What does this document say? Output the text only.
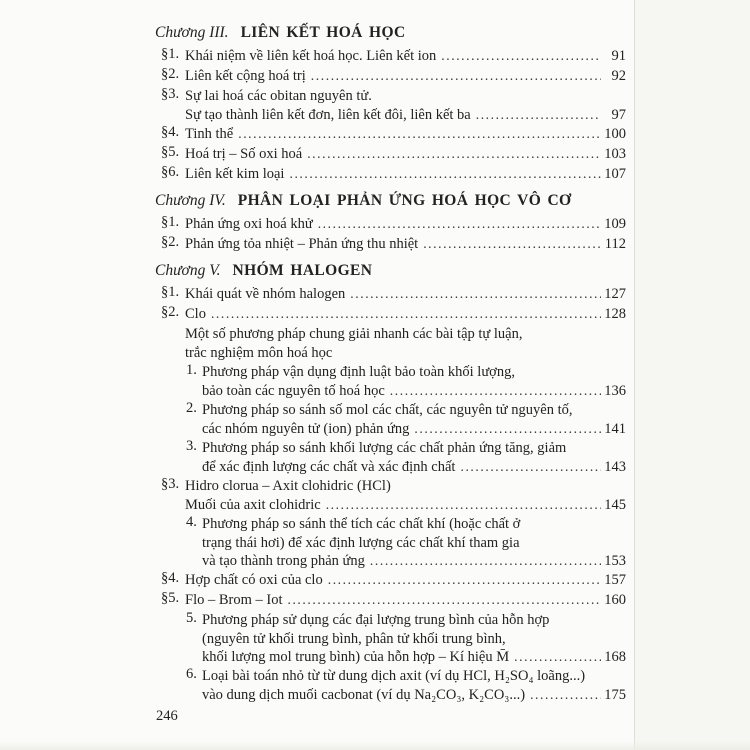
Chương III. LIÊN KẾT HOÁ HỌC
§1. Khái niệm về liên kết hoá học. Liên kết ion .....	91
§2. Liên kết cộng hoá trị .....	92
§3. Sự lai hoá các obitan nguyên tử.
Sự tạo thành liên kết đơn, liên kết đôi, liên kết ba .....	97
§4. Tinh thể .....	100
§5. Hoá trị – Số oxi hoá .....	103
§6. Liên kết kim loại .....	107
Chương IV. PHÂN LOẠI PHẢN ỨNG HOÁ HỌC VÔ CƠ
§1. Phản ứng oxi hoá khử .....	109
§2. Phản ứng tỏa nhiệt – Phản ứng thu nhiệt .....	112
Chương V. NHÓM HALOGEN
§1. Khái quát về nhóm halogen .....	127
§2. Clo .....	128
Một số phương pháp chung giải nhanh các bài tập tự luận,
trắc nghiệm môn hoá học
1. Phương pháp vận dụng định luật bảo toàn khối lượng,
bảo toàn các nguyên tố hoá học .....	136
2. Phương pháp so sánh số mol các chất, các nguyên tử nguyên tố,
các nhóm nguyên tử (ion) phản ứng .....	141
3. Phương pháp so sánh khối lượng các chất phản ứng tăng, giảm
để xác định lượng các chất và xác định chất .....	143
§3. Hidro clorua – Axit clohidric (HCl)
Muối của axit clohidric .....	145
4. Phương pháp so sánh thể tích các chất khí (hoặc chất ở
trạng thái hơi) để xác định lượng các chất khí tham gia
và tạo thành trong phản ứng .....	153
§4. Hợp chất có oxi của clo .....	157
§5. Flo – Brom – Iot .....	160
5. Phương pháp sử dụng các đại lượng trung bình của hỗn hợp
(nguyên tử khối trung bình, phân tử khối trung bình,
khối lượng mol trung bình) của hỗn hợp – Kí hiệu M̄ .....	168
6. Loại bài toán nhỏ từ từ dung dịch axit (ví dụ HCl, H₂SO₄ loãng...)
vào dung dịch muối cacbonat (ví dụ Na₂CO₃, K₂CO₃...) .....	175
246
